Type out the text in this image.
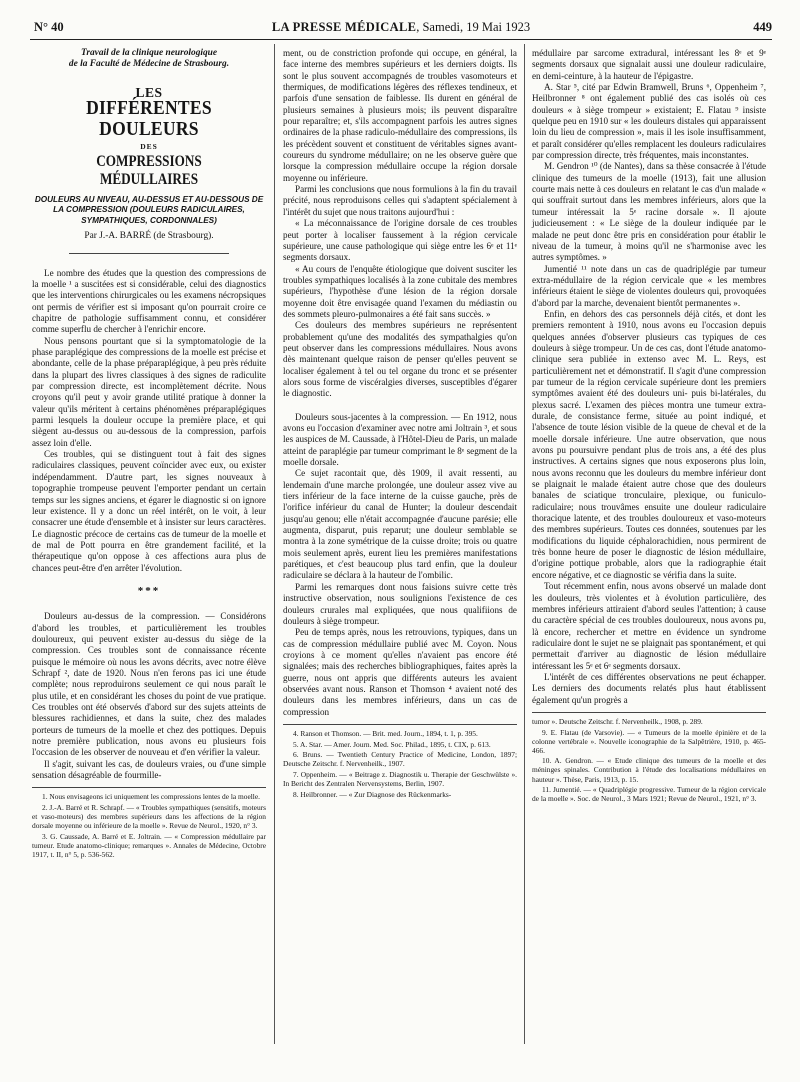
N° 40	LA PRESSE MÉDICALE, Samedi, 19 Mai 1923	449
Travail de la clinique neurologique
de la Faculté de Médecine de Strasbourg.
LES
DIFFÉRENTES DOULEURS
DES
COMPRESSIONS MÉDULLAIRES
DOULEURS AU NIVEAU, AU-DESSUS ET AU-DESSOUS DE LA COMPRESSION (DOULEURS RADICULAIRES, SYMPATHIQUES, CORDONNALES)
Par J.-A. BARRÉ (de Strasbourg).

Le nombre des études que la question des compressions de la moelle ¹ a suscitées est si considérable, celui des diagnostics que les interventions chirurgicales ou les examens nécropsiques ont permis de vérifier est si imposant qu'on pourrait croire ce chapitre de pathologie suffisamment connu, et considérer comme superflu de chercher à l'enrichir encore.

Nous pensons pourtant que si la symptomatologie de la phase paraplégique des compressions de la moelle est précise et abondante, celle de la phase préparaplégique, à peu près réduite dans la plupart des livres classiques à des signes de radiculite par compression directe, est incomplètement décrite. Nous croyons qu'il peut y avoir grande utilité pratique à donner la valeur qu'ils méritent à certains phénomènes préparaplégiques parmi lesquels la douleur occupe la première place, et qui siègent au-dessus ou au-dessous de la compression, parfois assez loin d'elle.

Ces troubles, qui se distinguent tout à fait des signes radiculaires classiques, peuvent coïncider avec eux, ou exister indépendamment. D'autre part, les signes nouveaux à topographie trompeuse peuvent l'emporter pendant un certain temps sur les signes anciens, et égarer le diagnostic si on ignore leur existence. Il y a donc un réel intérêt, on le voit, à leur consacrer une étude d'ensemble et à insister sur leurs caractères. Le diagnostic précoce de certains cas de tumeur de la moelle et de mal de Pott pourra en être grandement facilité, et la thérapeutique qu'on oppose à ces affections aura plus de chances peut-être d'en arrêter l'évolution.

***

Douleurs au-dessus de la compression. — Considérons d'abord les troubles, et particulièrement les troubles douloureux, qui peuvent exister au-dessus du siège de la compression. Ces troubles sont de connaissance récente puisque le mémoire où nous les avons décrits, avec notre élève Schrapf ², date de 1920. Nous n'en ferons pas ici une étude complète; nous reproduirons seulement ce qui nous paraît le plus utile, et en considérant les choses du point de vue pratique. Ces troubles ont été observés d'abord sur des sujets atteints de blessures rachidiennes, et dans la suite, chez des malades porteurs de tumeurs de la moelle et chez des pottiques. Depuis notre première publication, nous avons eu plusieurs fois l'occasion de les observer de nouveau et d'en vérifier la valeur.

Il s'agit, suivant les cas, de douleurs vraies, ou d'une simple sensation désagréable de fourmille-

1. Nous envisageons ici uniquement les compressions lentes de la moelle.

2. J.-A. Barré et R. Schrapf. — « Troubles sympathiques (sensitifs, moteurs et vaso-moteurs) des membres supérieurs dans les affections de la région dorsale moyenne ou inférieure de la moelle ». Revue de Neurol., 1920, n° 3.

3. G. Caussade, A. Barré et E. Joltrain. — « Compression médullaire par tumeur. Etude anatomo-clinique; remarques ». Annales de Médecine, Octobre 1917, t. II, n° 5, p. 536-562.

ment, ou de constriction profonde qui occupe, en général, la face interne des membres supérieurs et les derniers doigts. Ils sont le plus souvent accompagnés de troubles vasomoteurs et thermiques, de modifications légères des réflexes tendineux, et parfois d'une sensation de faiblesse. Ils durent en général de plusieurs semaines à plusieurs mois; ils peuvent disparaître pour reparaître; et, s'ils accompagnent parfois les autres signes ordinaires de la phase radiculo-médullaire des compressions, ils les précèdent souvent et constituent de véritables signes avant-coureurs du syndrome médullaire; on ne les observe guère que lorsque la compression médullaire occupe la région dorsale moyenne ou inférieure.

Parmi les conclusions que nous formulions à la fin du travail précité, nous reproduisons celles qui s'adaptent spécialement à l'intérêt du sujet que nous traitons aujourd'hui :

« La méconnaissance de l'origine dorsale de ces troubles peut porter à localiser faussement à la région cervicale supérieure, une cause pathologique qui siège entre les 6ᵉ et 11ᵉ segments dorsaux.

« Au cours de l'enquête étiologique que doivent susciter les troubles sympathiques localisés à la zone cubitale des membres supérieurs, l'hypothèse d'une lésion de la région dorsale moyenne doit être envisagée quand l'examen du médiastin ou des sommets pleuro-pulmonaires a été fait sans succès. »

Ces douleurs des membres supérieurs ne représentent probablement qu'une des modalités des sympathalgies qu'on peut observer dans les compressions médullaires. Nous avons dès maintenant quelque raison de penser qu'elles peuvent se localiser également à tel ou tel organe du tronc et se présenter alors sous forme de viscéralgies diverses, susceptibles d'égarer le diagnostic.

Douleurs sous-jacentes à la compression. — En 1912, nous avons eu l'occasion d'examiner avec notre ami Joltrain ³, et sous les auspices de M. Caussade, à l'Hôtel-Dieu de Paris, un malade atteint de paraplégie par tumeur comprimant le 8ᵉ segment de la moelle dorsale.

Ce sujet racontait que, dès 1909, il avait ressenti, au lendemain d'une marche prolongée, une douleur assez vive au tiers inférieur de la face interne de la cuisse gauche, près de l'orifice inférieur du canal de Hunter; la douleur descendait jusqu'au genou; elle n'était accompagnée d'aucune parésie; elle augmenta, disparut, puis reparut; une douleur semblable se montra à la zone symétrique de la cuisse droite; trois ou quatre mois seulement après, eurent lieu les premières manifestations parétiques, et c'est beaucoup plus tard enfin, que la douleur radiculaire se déclara à la hauteur de l'ombilic.

Parmi les remarques dont nous faisions suivre cette très instructive observation, nous soulignions l'existence de ces douleurs crurales mal expliquées, que nous qualifiions de douleurs à siège trompeur.

Peu de temps après, nous les retrouvions, typiques, dans un cas de compression médullaire publié avec M. Coyon. Nous croyions à ce moment qu'elles n'avaient pas encore été signalées; mais des recherches bibliographiques, faites après la guerre, nous ont appris que différents auteurs les avaient observées avant nous. Ranson et Thomson ⁴ avaient noté des douleurs dans les membres inférieurs, dans un cas de compression

4. Ranson et Thomson. — Brit. med. Journ., 1894, t. 1, p. 395.

5. A. Star. — Amer. Journ. Med. Soc. Philad., 1895, t. CIX, p. 613.

6. Bruns. — Twentieth Century Practice of Medicine, London, 1897; Deutsche Zeitschr. f. Nervenheilk., 1907.

7. Oppenheim. — « Beitrage z. Diagnostik u. Therapie der Geschwülste ». In Bericht des Zentralen Nervensystems, Berlin, 1907.

8. Heilbronner. — « Zur Diagnose des Rückenmarks-

médullaire par sarcome extradural, intéressant les 8ᵉ et 9ᵉ segments dorsaux que signalait aussi une douleur radiculaire, en demi-ceinture, à la hauteur de l'épigastre.

A. Star ⁵, cité par Edwin Bramwell, Bruns ⁶, Oppenheim ⁷, Heilbronner ⁸ ont également publié des cas isolés où ces douleurs « à siège trompeur » existaient; E. Flatau ⁹ insiste quelque peu en 1910 sur « les douleurs distales qui apparaissent loin du lieu de compression », mais il les isole insuffisamment, et paraît considérer qu'elles remplacent les douleurs radiculaires par compression directe, très fréquentes, mais inconstantes.

M. Gendron ¹⁰ (de Nantes), dans sa thèse consacrée à l'étude clinique des tumeurs de la moelle (1913), fait une allusion courte mais nette à ces douleurs en relatant le cas d'un malade « qui souffrait surtout dans les membres inférieurs, alors que la tumeur intéressait la 5ᵉ racine dorsale ». Il ajoute judicieusement : « Le siège de la douleur indiquée par le malade ne peut donc être pris en considération pour établir le niveau de la tumeur, à moins qu'il ne s'harmonise avec les autres symptômes. »

Jumentié ¹¹ note dans un cas de quadriplégie par tumeur extra-médullaire de la région cervicale que « les membres inférieurs étaient le siège de violentes douleurs qui, provoquées d'abord par la marche, devenaient bientôt permanentes ».

Enfin, en dehors des cas personnels déjà cités, et dont les premiers remontent à 1910, nous avons eu l'occasion depuis quelques années d'observer plusieurs cas typiques de ces douleurs à siège trompeur. Un de ces cas, dont l'étude anatomo-clinique sera publiée in extenso avec M. L. Reys, est particulièrement net et démonstratif. Il s'agit d'une compression par tumeur de la région cervicale supérieure dont les premiers symptômes avaient été des douleurs uni- puis bi-latérales, du plexus sacré. L'examen des pièces montra une tumeur extra-durale, de consistance ferme, située au point indiqué, et l'absence de toute lésion visible de la queue de cheval et de la moelle dorsale inférieure. Une autre observation, que nous avons pu poursuivre pendant plus de trois ans, a été des plus instructives. A certains signes que nous exposerons plus loin, nous avons reconnu que les douleurs du membre inférieur dont se plaignait le malade étaient autre chose que des douleurs banales de sciatique tronculaire, plexique, ou funiculo-radiculaire; nous trouvâmes ensuite une douleur radiculaire thoracique latente, et des troubles douloureux et vaso-moteurs des membres supérieurs. Toutes ces données, soutenues par les modifications du liquide céphalorachidien, nous permirent de très bonne heure de poser le diagnostic de lésion médullaire, d'origine pottique probable, alors que la radiographie était encore négative, et ce diagnostic se vérifia dans la suite.

Tout récemment enfin, nous avons observé un malade dont les douleurs, très violentes et à évolution particulière, des membres inférieurs attiraient d'abord seules l'attention; à cause du caractère spécial de ces troubles douloureux, nous avons pu, là encore, rechercher et mettre en évidence un syndrome radiculaire dont le sujet ne se plaignait pas spontanément, et qui permettait d'arriver au diagnostic de lésion médullaire intéressant les 5ᵉ et 6ᵉ segments dorsaux.

L'intérêt de ces différentes observations ne peut échapper. Les derniers des documents relatés plus haut établissent également qu'un progrès a

tumor ». Deutsche Zeitschr. f. Nervenheilk., 1908, p. 289.

9. E. Flatau (de Varsovie). — « Tumeurs de la moelle épinière et de la colonne vertébrale ». Nouvelle iconographie de la Salpêtrière, 1910, p. 465-466.

10. A. Gendron. — « Etude clinique des tumeurs de la moelle et des méninges spinales. Contribution à l'étude des localisations médullaires en hauteur ». Thèse, Paris, 1913, p. 15.

11. Jumentié. — « Quadriplégie progressive. Tumeur de la région cervicale de la moelle ». Soc. de Neurol., 3 Mars 1921; Revue de Neurol., 1921, n° 3.
